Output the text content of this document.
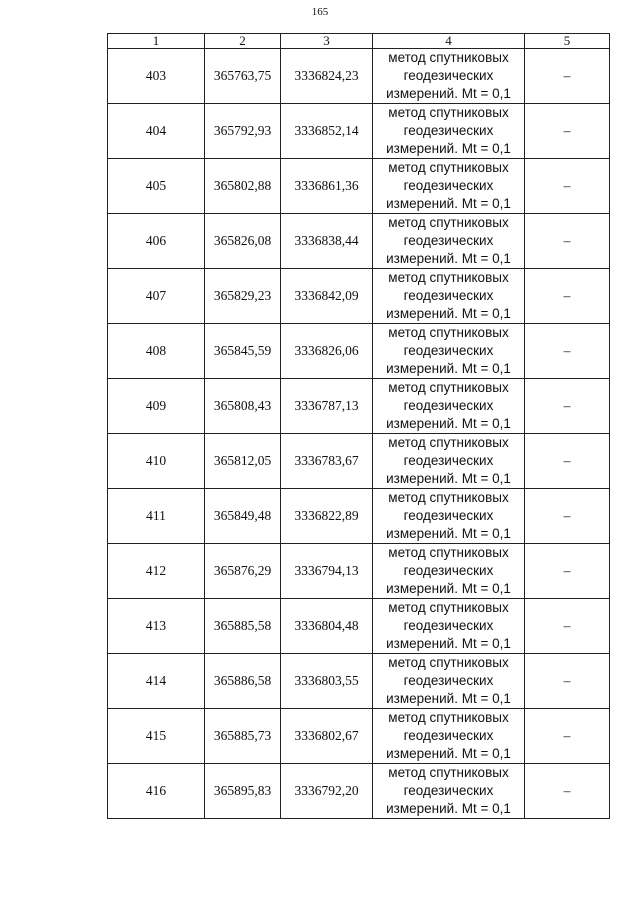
165
1	2	3	4	5
403	365763,75	3336824,23	метод спутниковых
геодезических
измерений. Mt = 0,1	–
404	365792,93	3336852,14	метод спутниковых
геодезических
измерений. Mt = 0,1	–
405	365802,88	3336861,36	метод спутниковых
геодезических
измерений. Mt = 0,1	–
406	365826,08	3336838,44	метод спутниковых
геодезических
измерений. Mt = 0,1	–
407	365829,23	3336842,09	метод спутниковых
геодезических
измерений. Mt = 0,1	–
408	365845,59	3336826,06	метод спутниковых
геодезических
измерений. Mt = 0,1	–
409	365808,43	3336787,13	метод спутниковых
геодезических
измерений. Mt = 0,1	–
410	365812,05	3336783,67	метод спутниковых
геодезических
измерений. Mt = 0,1	–
411	365849,48	3336822,89	метод спутниковых
геодезических
измерений. Mt = 0,1	–
412	365876,29	3336794,13	метод спутниковых
геодезических
измерений. Mt = 0,1	–
413	365885,58	3336804,48	метод спутниковых
геодезических
измерений. Mt = 0,1	–
414	365886,58	3336803,55	метод спутниковых
геодезических
измерений. Mt = 0,1	–
415	365885,73	3336802,67	метод спутниковых
геодезических
измерений. Mt = 0,1	–
416	365895,83	3336792,20	метод спутниковых
геодезических
измерений. Mt = 0,1	–
